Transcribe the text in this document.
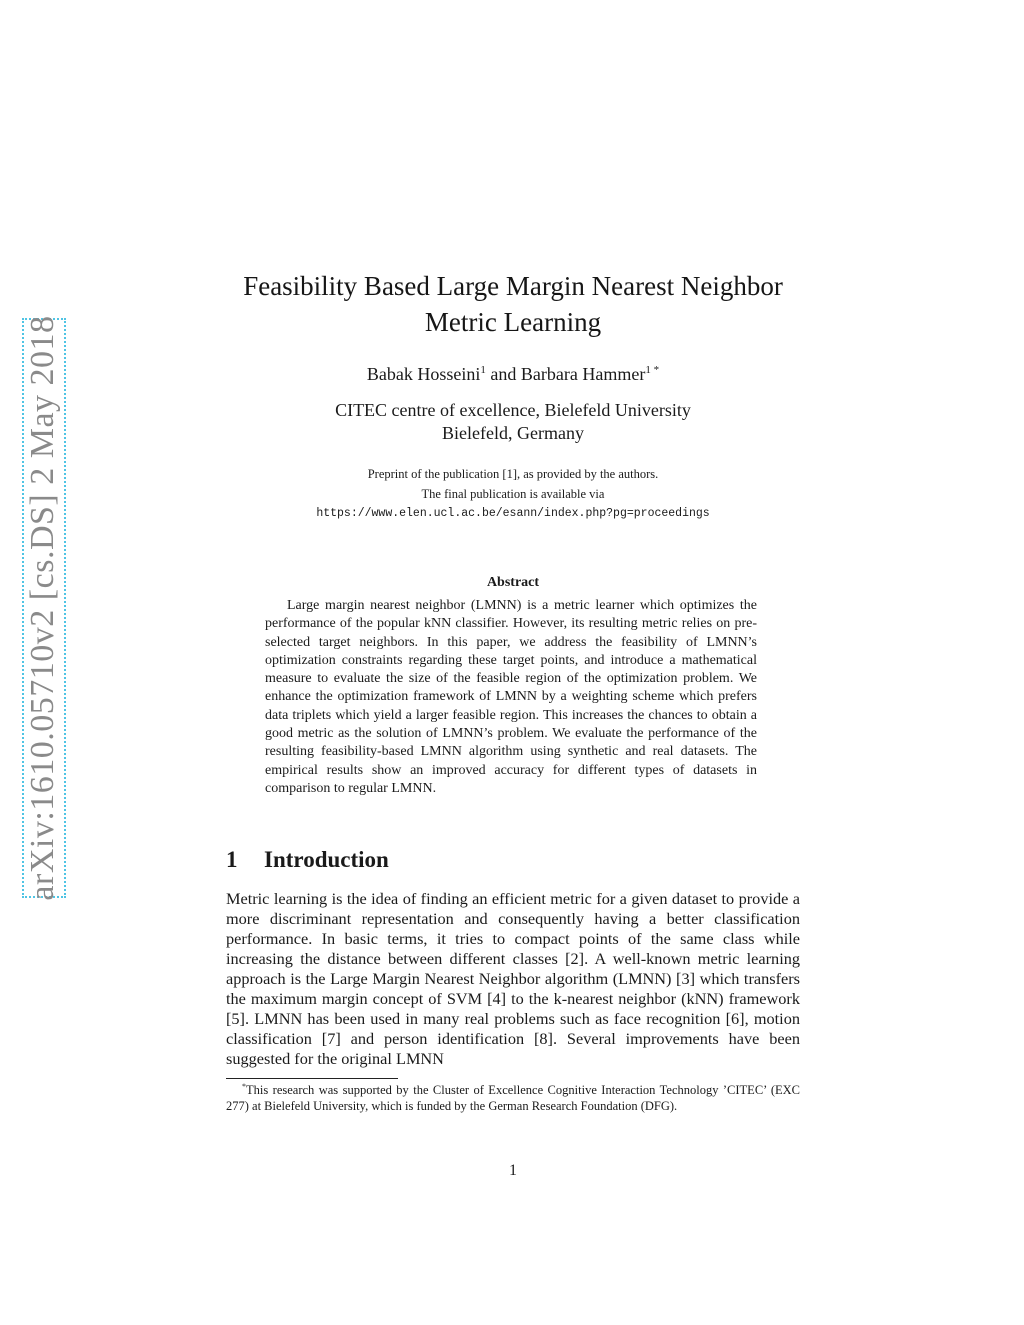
arXiv:1610.05710v2 [cs.DS] 2 May 2018
Feasibility Based Large Margin Nearest Neighbor
Metric Learning
Babak Hosseini$^1$ and Barbara Hammer$^1$ *
CITEC centre of excellence, Bielefeld University
Bielefeld, Germany
Preprint of the publication [1], as provided by the authors.
The final publication is available via
https://www.elen.ucl.ac.be/esann/index.php?pg=proceedings
Abstract
Large margin nearest neighbor (LMNN) is a metric learner which optimizes the performance of the popular kNN classifier. However, its resulting metric relies on pre-selected target neighbors. In this paper, we address the feasibility of LMNN’s optimization constraints regarding these target points, and introduce a mathematical measure to evaluate the size of the feasible region of the optimization problem. We enhance the optimization framework of LMNN by a weighting scheme which prefers data triplets which yield a larger feasible region. This increases the chances to obtain a good metric as the solution of LMNN’s problem. We evaluate the performance of the resulting feasibility-based LMNN algorithm using synthetic and real datasets. The empirical results show an improved accuracy for different types of datasets in comparison to regular LMNN.
1 Introduction
Metric learning is the idea of finding an efficient metric for a given dataset to provide a more discriminant representation and consequently having a better classification performance. In basic terms, it tries to compact points of the same class while increasing the distance between different classes [2]. A well-known metric learning approach is the Large Margin Nearest Neighbor algorithm (LMNN) [3] which transfers the maximum margin concept of SVM [4] to the k-nearest neighbor (kNN) framework [5]. LMNN has been used in many real problems such as face recognition [6], motion classification [7] and person identification [8]. Several improvements have been suggested for the original LMNN
*This research was supported by the Cluster of Excellence Cognitive Interaction Technology ’CITEC’ (EXC 277) at Bielefeld University, which is funded by the German Research Foundation (DFG).
1
